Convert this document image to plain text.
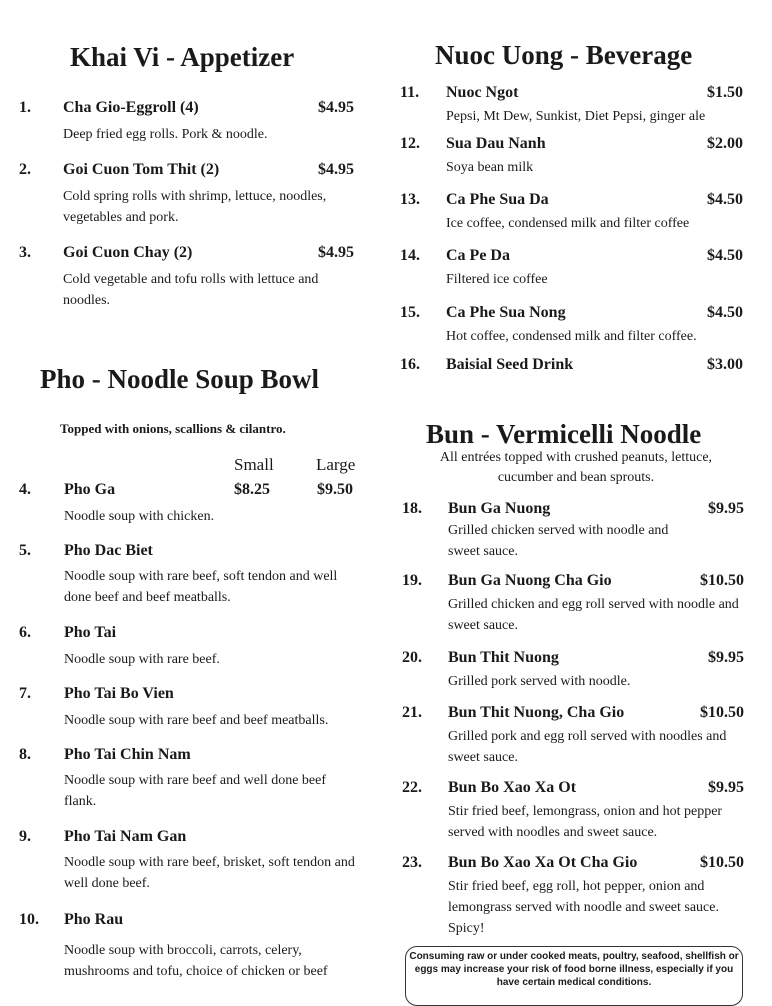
Khai Vi - Appetizer
1. Cha Gio-Eggroll (4)	$4.95
Deep fried egg rolls. Pork & noodle.
2. Goi Cuon Tom Thit (2)	$4.95
Cold spring rolls with shrimp, lettuce, noodles, vegetables and pork.
3. Goi Cuon Chay (2)	$4.95
Cold vegetable and tofu rolls with lettuce and noodles.
Pho - Noodle Soup Bowl
Topped with onions, scallions & cilantro.
Small Large
4. Pho Ga	$8.25	$9.50
Noodle soup with chicken.
5. Pho Dac Biet
Noodle soup with rare beef, soft tendon and well done beef and beef meatballs.
6. Pho Tai
Noodle soup with rare beef.
7. Pho Tai Bo Vien
Noodle soup with rare beef and beef meatballs.
8. Pho Tai Chin Nam
Noodle soup with rare beef and well done beef flank.
9. Pho Tai Nam Gan
Noodle soup with rare beef, brisket, soft tendon and well done beef.
10. Pho Rau
Noodle soup with broccoli, carrots, celery, mushrooms and tofu, choice of chicken or beef
Nuoc Uong - Beverage
11. Nuoc Ngot	$1.50
Pepsi, Mt Dew, Sunkist, Diet Pepsi, ginger ale
12. Sua Dau Nanh	$2.00
Soya bean milk
13. Ca Phe Sua Da	$4.50
Ice coffee, condensed milk and filter coffee
14. Ca Pe Da	$4.50
Filtered ice coffee
15. Ca Phe Sua Nong	$4.50
Hot coffee, condensed milk and filter coffee.
16. Baisial Seed Drink	$3.00
Bun - Vermicelli Noodle
All entrées topped with crushed peanuts, lettuce, cucumber and bean sprouts.
18. Bun Ga Nuong	$9.95
Grilled chicken served with noodle and sweet sauce.
19. Bun Ga Nuong Cha Gio	$10.50
Grilled chicken and egg roll served with noodle and sweet sauce.
20. Bun Thit Nuong	$9.95
Grilled pork served with noodle.
21. Bun Thit Nuong, Cha Gio	$10.50
Grilled pork and egg roll served with noodles and sweet sauce.
22. Bun Bo Xao Xa Ot	$9.95
Stir fried beef, lemongrass, onion and hot pepper served with noodles and sweet sauce.
23. Bun Bo Xao Xa Ot Cha Gio	$10.50
Stir fried beef, egg roll, hot pepper, onion and lemongrass served with noodle and sweet sauce. Spicy!
Consuming raw or under cooked meats, poultry, seafood, shellfish or eggs may increase your risk of food borne illness, especially if you have certain medical conditions.
